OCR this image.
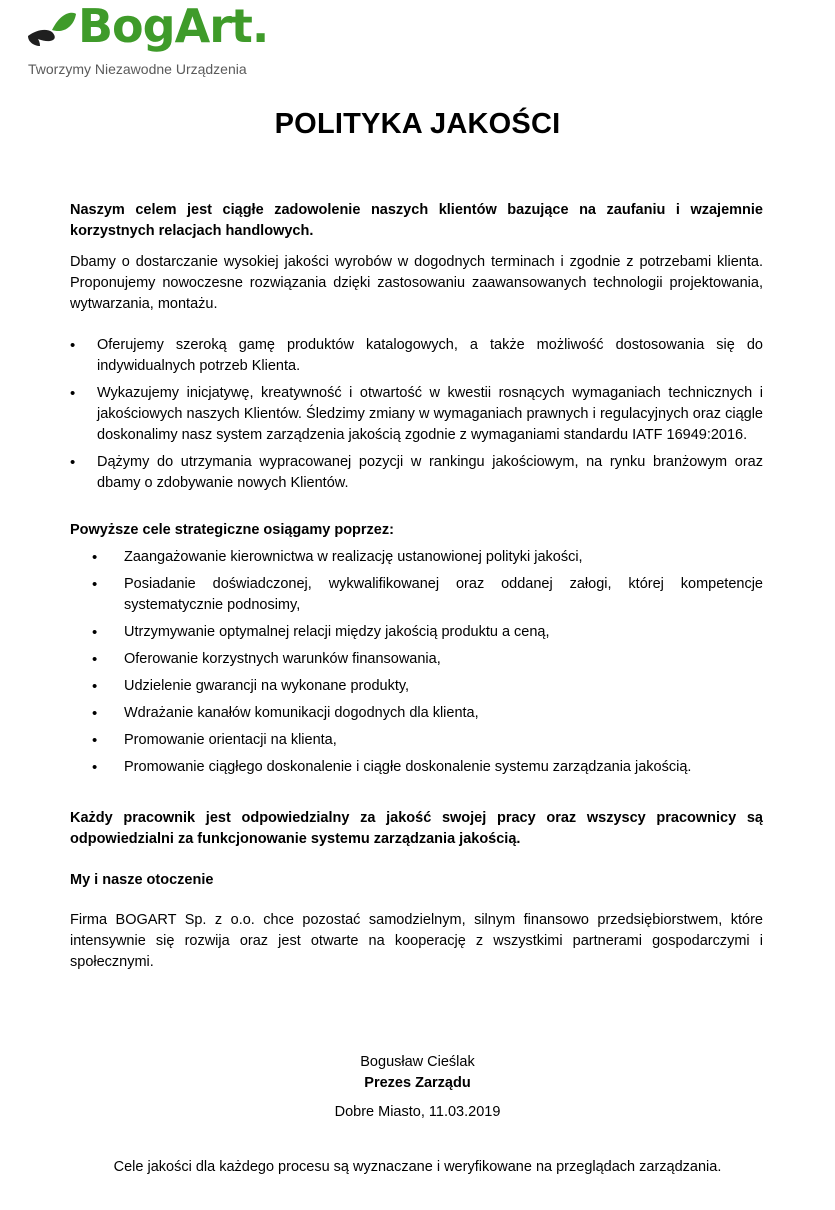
BogArt.
Tworzymy Niezawodne Urządzenia
POLITYKA JAKOŚCI

Naszym celem jest ciągłe zadowolenie naszych klientów bazujące na zaufaniu i wzajemnie korzystnych relacjach handlowych.

Dbamy o dostarczanie wysokiej jakości wyrobów w dogodnych terminach i zgodnie z potrzebami klienta. Proponujemy nowoczesne rozwiązania dzięki zastosowaniu zaawansowanych technologii projektowania, wytwarzania, montażu.

• Oferujemy szeroką gamę produktów katalogowych, a także możliwość dostosowania się do indywidualnych potrzeb Klienta.
• Wykazujemy inicjatywę, kreatywność i otwartość w kwestii rosnących wymaganiach technicznych i jakościowych naszych Klientów. Śledzimy zmiany w wymaganiach prawnych i regulacyjnych oraz ciągle doskonalimy nasz system zarządzenia jakością zgodnie z wymaganiami standardu IATF 16949:2016.
• Dążymy do utrzymania wypracowanej pozycji w rankingu jakościowym, na rynku branżowym oraz dbamy o zdobywanie nowych Klientów.

Powyższe cele strategiczne osiągamy poprzez:

• Zaangażowanie kierownictwa w realizację ustanowionej polityki jakości,
• Posiadanie doświadczonej, wykwalifikowanej oraz oddanej załogi, której kompetencje systematycznie podnosimy,
• Utrzymywanie optymalnej relacji między jakością produktu a ceną,
• Oferowanie korzystnych warunków finansowania,
• Udzielenie gwarancji na wykonane produkty,
• Wdrażanie kanałów komunikacji dogodnych dla klienta,
• Promowanie orientacji na klienta,
• Promowanie ciągłego doskonalenie i ciągłe doskonalenie systemu zarządzania jakością.

Każdy pracownik jest odpowiedzialny za jakość swojej pracy oraz wszyscy pracownicy są odpowiedzialni za funkcjonowanie systemu zarządzania jakością.

My i nasze otoczenie

Firma BOGART Sp. z o.o. chce pozostać samodzielnym, silnym finansowo przedsiębiorstwem, które intensywnie się rozwija oraz jest otwarte na kooperację z wszystkimi partnerami gospodarczymi i społecznymi.

Bogusław Cieślak
Prezes Zarządu
Dobre Miasto, 11.03.2019
Cele jakości dla każdego procesu są wyznaczane i weryfikowane na przeglądach zarządzania.
